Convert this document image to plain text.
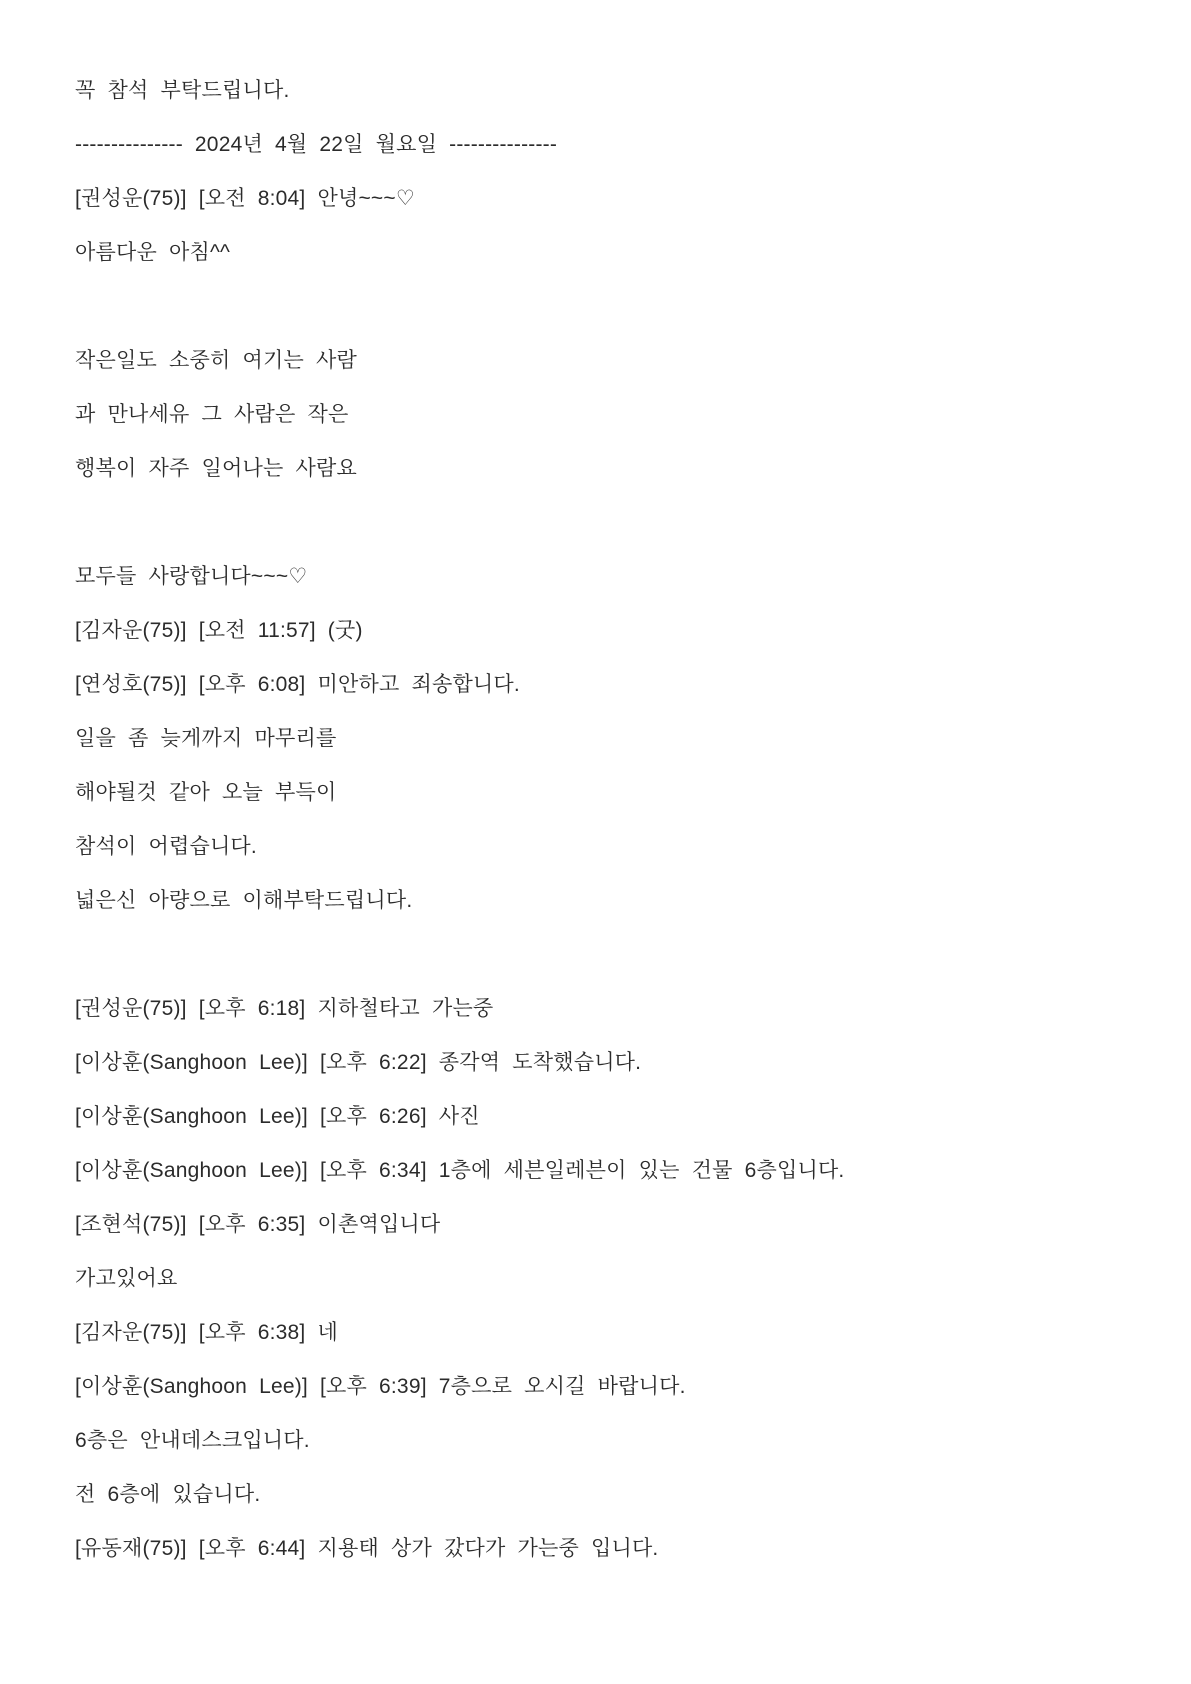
꼭 참석 부탁드립니다.
--------------- 2024년 4월 22일 월요일 ---------------
[권성운(75)] [오전 8:04] 안녕~~~♡
아름다운 아침^^
작은일도 소중히 여기는 사람
과 만나세유 그 사람은 작은
행복이 자주 일어나는 사람요
모두들 사랑합니다~~~♡
[김자운(75)] [오전 11:57] (굿)
[연성호(75)] [오후 6:08] 미안하고 죄송합니다.
일을 좀 늦게까지 마무리를
해야될것 같아 오늘 부득이
참석이 어렵습니다.
넓은신 아량으로 이해부탁드립니다.
[권성운(75)] [오후 6:18] 지하철타고 가는중
[이상훈(Sanghoon Lee)] [오후 6:22] 종각역 도착했습니다.
[이상훈(Sanghoon Lee)] [오후 6:26] 사진
[이상훈(Sanghoon Lee)] [오후 6:34] 1층에 세븐일레븐이 있는 건물 6층입니다.
[조현석(75)] [오후 6:35] 이촌역입니다
가고있어요
[김자운(75)] [오후 6:38] 네
[이상훈(Sanghoon Lee)] [오후 6:39] 7층으로 오시길 바랍니다.
6층은 안내데스크입니다.
전 6층에 있습니다.
[유동재(75)] [오후 6:44] 지용태 상가 갔다가 가는중 입니다.
